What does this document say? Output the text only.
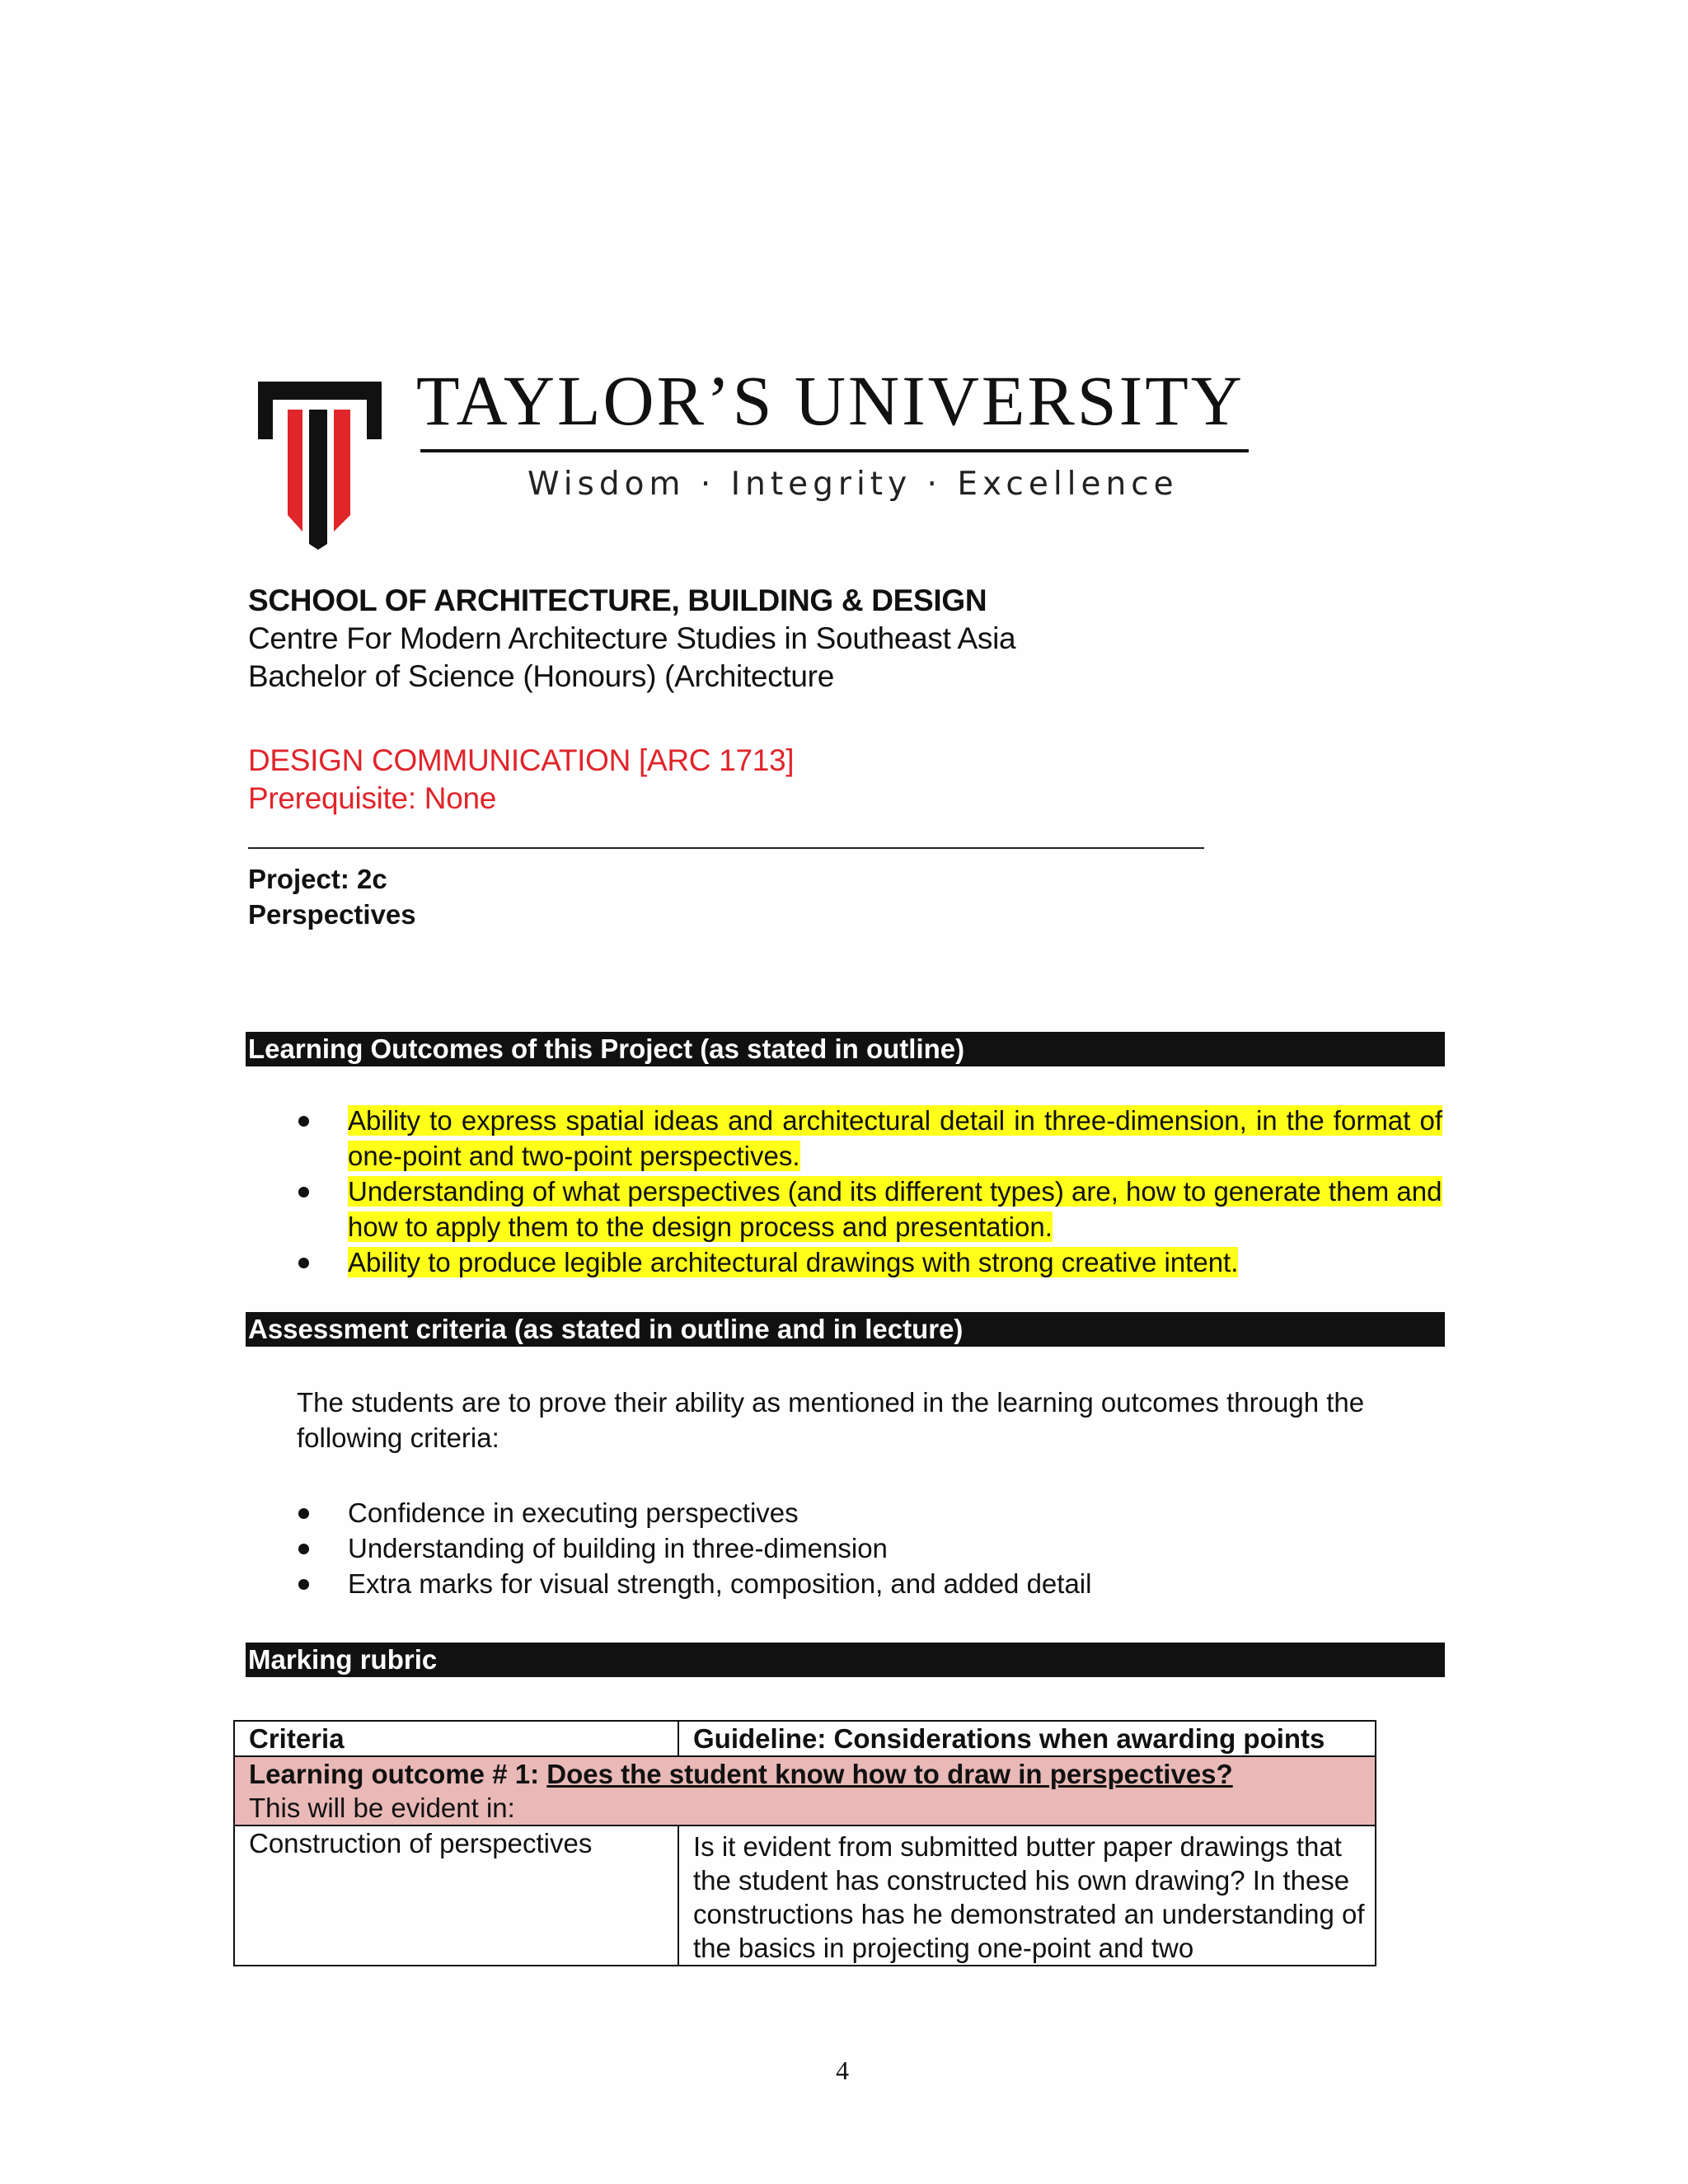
TAYLOR’S UNIVERSITY
Wisdom · Integrity · Excellence
SCHOOL OF ARCHITECTURE, BUILDING & DESIGN
Centre For Modern Architecture Studies in Southeast Asia
Bachelor of Science (Honours) (Architecture
DESIGN COMMUNICATION [ARC 1713]
Prerequisite: None
Project: 2c
Perspectives
Learning Outcomes of this Project (as stated in outline)
Ability to express spatial ideas and architectural detail in three-dimension, in the format of one-point and two-point perspectives.
Understanding of what perspectives (and its different types) are, how to generate them and how to apply them to the design process and presentation.
Ability to produce legible architectural drawings with strong creative intent.
Assessment criteria (as stated in outline and in lecture)
The students are to prove their ability as mentioned in the learning outcomes through the following criteria:
Confidence in executing perspectives
Understanding of building in three-dimension
Extra marks for visual strength, composition, and added detail
Marking rubric
Criteria	Guideline: Considerations when awarding points
Learning outcome # 1: Does the student know how to draw in perspectives?
This will be evident in:	
Construction of perspectives	Is it evident from submitted butter paper drawings that the student has constructed his own drawing? In these constructions has he demonstrated an understanding of the basics in projecting one-point and two
4
